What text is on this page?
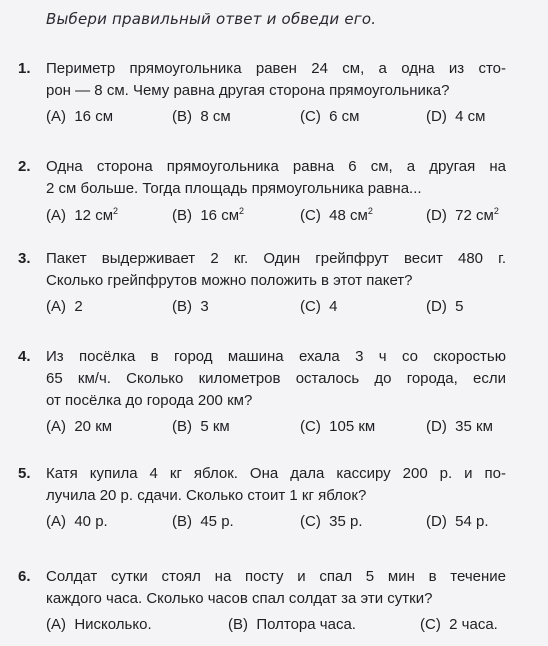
Выбери правильный ответ и обведи его.
1. Периметр прямоугольника равен 24 см, а одна из сто-
рон — 8 см. Чему равна другая сторона прямоугольника?
(A) 16 см	(B) 8 см	(C) 6 см	(D) 4 см
2. Одна сторона прямоугольника равна 6 см, а другая на
2 см больше. Тогда площадь прямоугольника равна...
(A) 12 $см^2$	(B) 16 $см^2$	(C) 48 $см^2$	(D) 72 $см^2$
3. Пакет выдерживает 2 кг. Один грейпфрут весит 480 г.
Сколько грейпфрутов можно положить в этот пакет?
(A) 2	(B) 3	(C) 4	(D) 5
4. Из посёлка в город машина ехала 3 ч со скоростью
65 км/ч. Сколько километров осталось до города, если
от посёлка до города 200 км?
(A) 20 км	(B) 5 км	(C) 105 км	(D) 35 км
5. Катя купила 4 кг яблок. Она дала кассиру 200 р. и по-
лучила 20 р. сдачи. Сколько стоит 1 кг яблок?
(A) 40 р.	(B) 45 р.	(C) 35 р.	(D) 54 р.
6. Солдат сутки стоял на посту и спал 5 мин в течение
каждого часа. Сколько часов спал солдат за эти сутки?
(A) Нисколько.	(B) Полтора часа.	(C) 2 часа.
